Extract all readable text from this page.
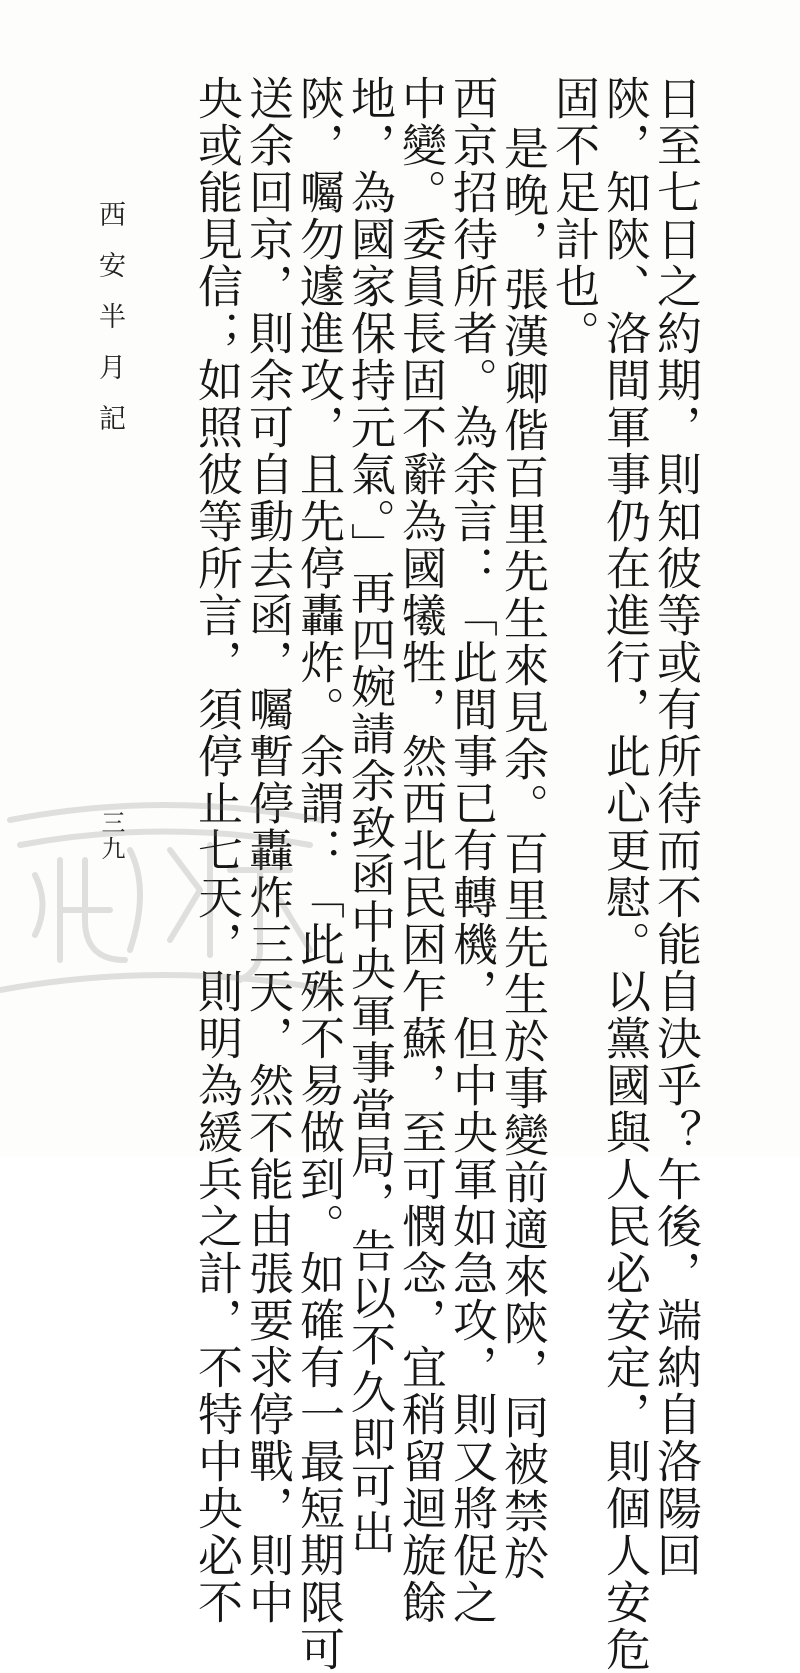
日至七日之約期，則知彼等或有所待而不能自決乎？午後，端納自洛陽回
陝，知陝、洛間軍事仍在進行，此心更慰。以黨國與人民必安定，則個人安危
固不足計也。
是晚，張漢卿偕百里先生來見余。百里先生於事變前適來陝，同被禁於
西京招待所者。為余言：「此間事已有轉機，但中央軍如急攻，則又將促之
中變。委員長固不辭為國犧牲，然西北民困乍蘇，至可憫念，宜稍留迴旋餘
地，為國家保持元氣。」再四婉請余致函中央軍事當局，告以不久即可出
陝，囑勿遽進攻，且先停轟炸。余謂：「此殊不易做到。如確有一最短期限可
送余回京，則余可自動去函，囑暫停轟炸三天，然不能由張要求停戰，則中
央或能見信；如照彼等所言，須停止七天，則明為緩兵之計，不特中央必不
西安半月記
三九
